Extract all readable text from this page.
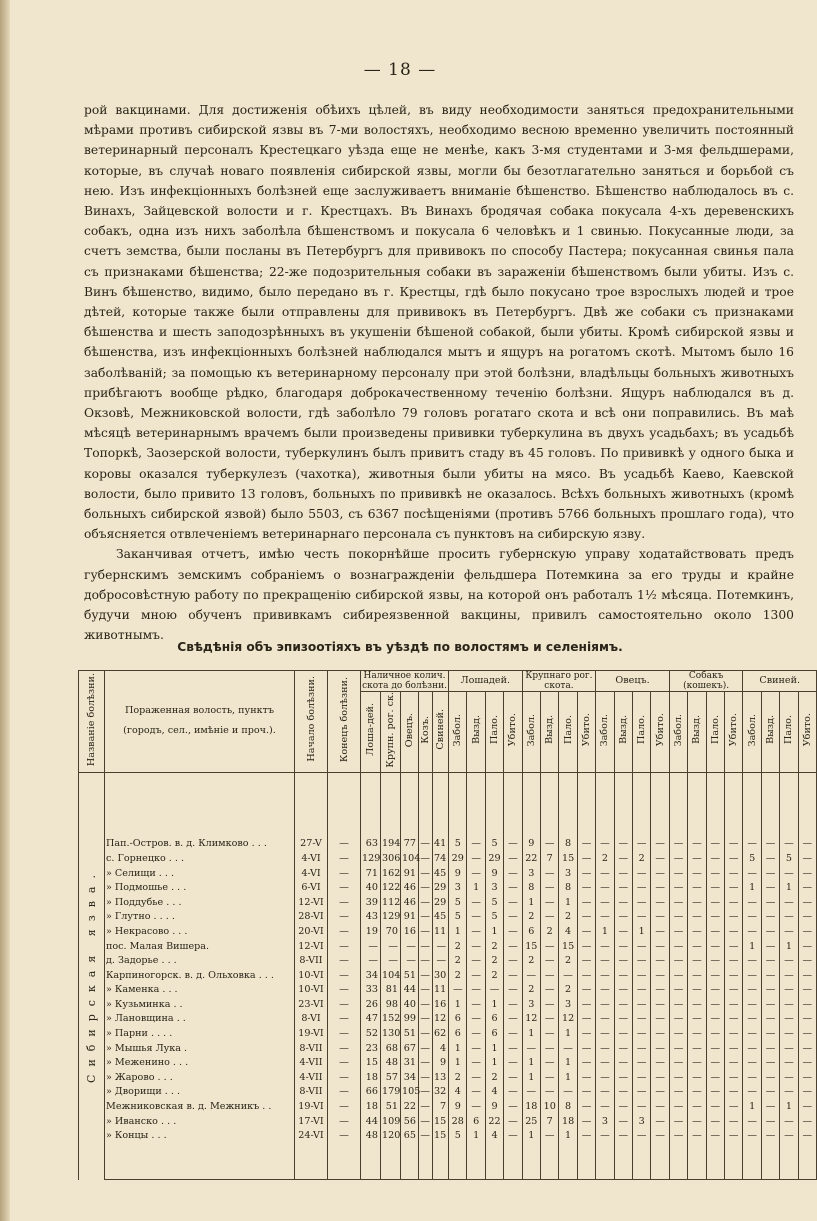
— 18 —

рой вакцинами. Для достиженія обѣихъ цѣлей, въ виду необходимости заняться предохранительными мѣрами противъ сибирской язвы въ 7-ми волостяхъ, необходимо весною временно увеличить постоянный ветеринарный персоналъ Крестецкаго уѣзда еще не менѣе, какъ 3-мя студентами и 3-мя фельдшерами, которые, въ случаѣ новаго появленія сибирской язвы, могли бы безотлагательно заняться и борьбой съ нею. Изъ инфекціонныхъ болѣзней еще заслуживаетъ вниманіе бѣшенство. Бѣшенство наблюдалось въ с. Винахъ, Зайцевской волости и г. Крестцахъ. Въ Винахъ бродячая собака покусала 4-хъ деревенскихъ собакъ, одна изъ нихъ заболѣла бѣшенствомъ и покусала 6 человѣкъ и 1 свинью. Покусанные люди, за счетъ земства, были посланы въ Петербургъ для прививокъ по способу Пастера; покусанная свинья пала съ признаками бѣшенства; 22-же подозрительныя собаки въ зараженіи бѣшенствомъ были убиты. Изъ с. Винъ бѣшенство, видимо, было передано въ г. Крестцы, гдѣ было покусано трое взрослыхъ людей и трое дѣтей, которые также были отправлены для прививокъ въ Петербургъ. Двѣ же собаки съ признаками бѣшенства и шесть заподозрѣнныхъ въ укушеніи бѣшеной собакой, были убиты. Кромѣ сибирской язвы и бѣшенства, изъ инфекціонныхъ болѣзней наблюдался мытъ и ящуръ на рогатомъ скотѣ. Мытомъ было 16 заболѣваній; за помощью къ ветеринарному персоналу при этой болѣзни, владѣльцы больныхъ животныхъ прибѣгаютъ вообще рѣдко, благодаря доброкачественному теченію болѣзни. Ящуръ наблюдался въ д. Окзовѣ, Межниковской волости, гдѣ заболѣло 79 головъ рогатаго скота и всѣ они поправились. Въ маѣ мѣсяцѣ ветеринарнымъ врачемъ были произведены прививки туберкулина въ двухъ усадьбахъ; въ усадьбѣ Топоркѣ, Заозерской волости, туберкулинъ былъ привитъ стаду въ 45 головъ. По прививкѣ у одного быка и коровы оказался туберкулезъ (чахотка), животныя были убиты на мясо. Въ усадьбѣ Каево, Каевской волости, было привито 13 головъ, больныхъ по прививкѣ не оказалось. Всѣхъ больныхъ животныхъ (кромѣ больныхъ сибирской язвой) было 5503, съ 6367 посѣщеніями (противъ 5766 больныхъ прошлаго года), что объясняется отвлеченіемъ ветеринарнаго персонала съ пунктовъ на сибирскую язву.

Заканчивая отчетъ, имѣю честь покорнѣйше просить губернскую управу ходатайствовать предъ губернскимъ земскимъ собраніемъ о вознагражденіи фельдшера Потемкина за его труды и крайне добросовѣстную работу по прекращенію сибирской язвы, на которой онъ работалъ 1½ мѣсяца. Потемкинъ, будучи мною обученъ прививкамъ сибиреязвенной вакцины, привилъ самостоятельно около 1300 животнымъ.

Свѣдѣнія объ эпизоотіяхъ въ уѣздѣ по волостямъ и селеніямъ.
Названіе болѣзни.	Пораженная волость, пунктъ
(городъ, сел., имѣніе и проч.).	Начало болѣзни.	Конецъ болѣзни.	Наличное колич. скота до болѣзни.					Лошадей.				Крупнаго рог. скота.				Овецъ.				Собакъ (кошекъ).				Свиней.			
				Лоша-дей.	Крупн. рог. ск.	Овецъ.	Козъ.	Свиней.	Забол.	Вызд.	Пало.	Убито.	Забол.	Вызд.	Пало.	Убито.	Забол.	Вызд.	Пало.	Убито.	Забол.	Вызд.	Пало.	Убито.	Забол.	Вызд.	Пало.	Убито.

Сибирская язва.																												
	Пап.-Остров. в. д. Климково . . .	27-V	—	63	194	77	—	41	5	—	5	—	9	—	8	—	—	—	—	—	—	—	—	—	—	—	—	—
	с. Горнецко . . .	4-VI	—	129	306	104	—	74	29	—	29	—	22	7	15	—	2	—	2	—	—	—	—	—	5	—	5	—
	» Селищи . . .	4-VI	—	71	162	91	—	45	9	—	9	—	3	—	3	—	—	—	—	—	—	—	—	—	—	—	—	—
	» Подмошье . . .	6-VI	—	40	122	46	—	29	3	1	3	—	8	—	8	—	—	—	—	—	—	—	—	—	1	—	1	—
	» Поддубье . . .	12-VI	—	39	112	46	—	29	5	—	5	—	1	—	1	—	—	—	—	—	—	—	—	—	—	—	—	—
	» Глутно . . . .	28-VI	—	43	129	91	—	45	5	—	5	—	2	—	2	—	—	—	—	—	—	—	—	—	—	—	—	—
	» Некрасово . . .	20-VI	—	19	70	16	—	11	1	—	1	—	6	2	4	—	1	—	1	—	—	—	—	—	—	—	—	—
	пос. Малая Вишера.	12-VI	—	—	—	—	—	—	2	—	2	—	15	—	15	—	—	—	—	—	—	—	—	—	1	—	1	—
	д. Задорье . . .	8-VII	—	—	—	—	—	—	2	—	2	—	2	—	2	—	—	—	—	—	—	—	—	—	—	—	—	—
	Карпиногорск. в. д. Ольховка . . .	10-VI	—	34	104	51	—	30	2	—	2	—	—	—	—	—	—	—	—	—	—	—	—	—	—	—	—	—
	» Каменка . . .	10-VI	—	33	81	44	—	11	—	—	—	—	2	—	2	—	—	—	—	—	—	—	—	—	—	—	—	—
	» Кузьминка . .	23-VI	—	26	98	40	—	16	1	—	1	—	3	—	3	—	—	—	—	—	—	—	—	—	—	—	—	—
	» Лановщина . .	8-VI	—	47	152	99	—	12	6	—	6	—	12	—	12	—	—	—	—	—	—	—	—	—	—	—	—	—
	» Парни . . . .	19-VI	—	52	130	51	—	62	6	—	6	—	1	—	1	—	—	—	—	—	—	—	—	—	—	—	—	—
	» Мышья Лука .	8-VII	—	23	68	67	—	4	1	—	1	—	—	—	—	—	—	—	—	—	—	—	—	—	—	—	—	—
	» Меженино . . .	4-VII	—	15	48	31	—	9	1	—	1	—	1	—	1	—	—	—	—	—	—	—	—	—	—	—	—	—
	» Жарово . . .	4-VII	—	18	57	34	—	13	2	—	2	—	1	—	1	—	—	—	—	—	—	—	—	—	—	—	—	—
	» Дворищи . . .	8-VII	—	66	179	105	—	32	4	—	4	—	—	—	—	—	—	—	—	—	—	—	—	—	—	—	—	—
	Межниковская в. д. Межникъ . .	19-VI	—	18	51	22	—	7	9	—	9	—	18	10	8	—	—	—	—	—	—	—	—	—	1	—	1	—
	» Иванско . . .	17-VI	—	44	109	56	—	15	28	6	22	—	25	7	18	—	3	—	3	—	—	—	—	—	—	—	—	—
	» Концы . . .	24-VI	—	48	120	65	—	15	5	1	4	—	1	—	1	—	—	—	—	—	—	—	—	—	—	—	—	—
